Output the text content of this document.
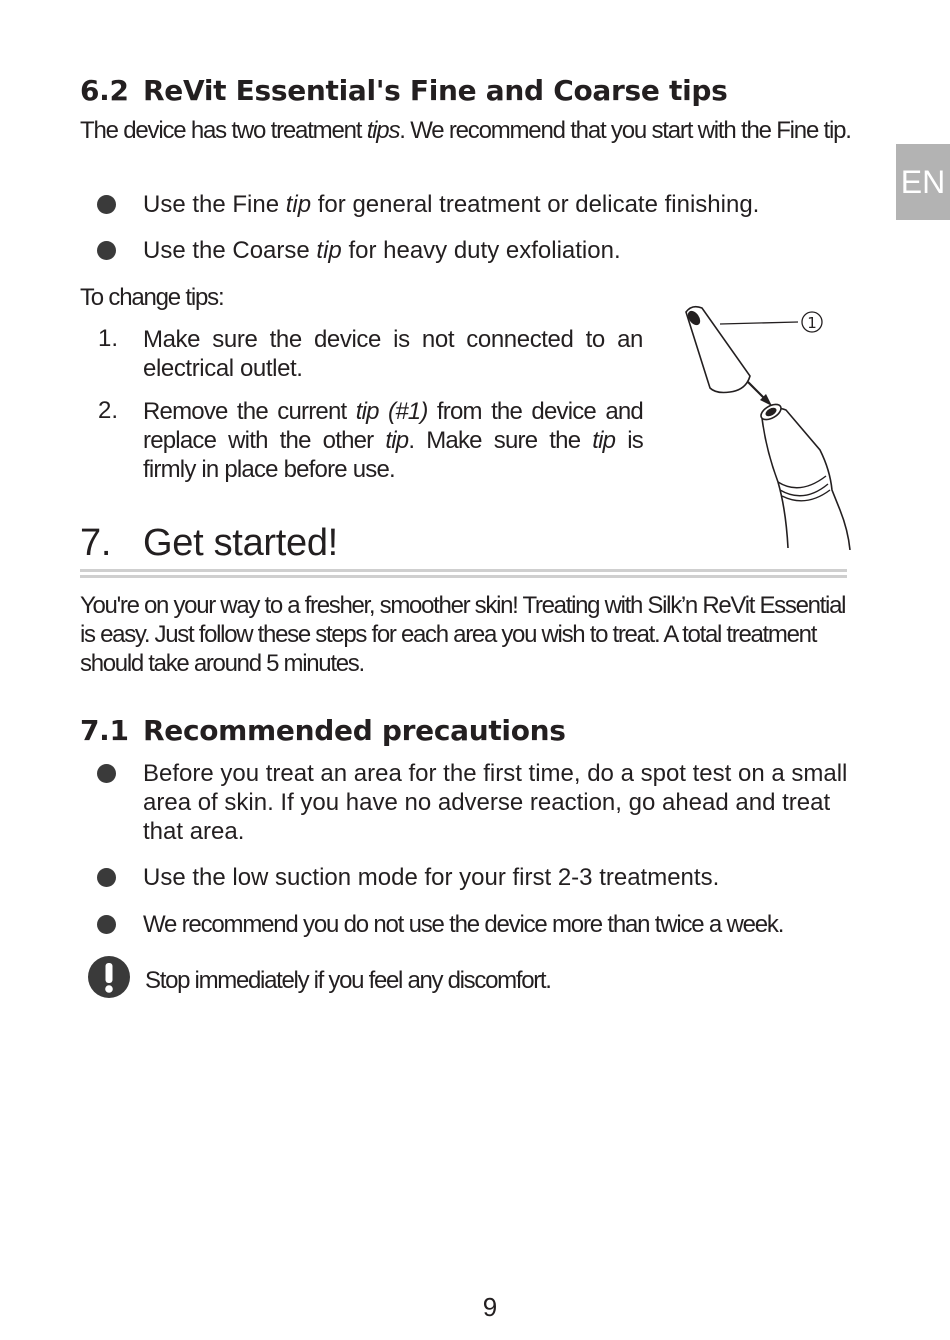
EN
6.2 ReVit Essential's Fine and Coarse tips
The device has two treatment tips. We recommend that you start with the Fine tip.
Use the Fine tip for general treatment or delicate finishing.
Use the Coarse tip for heavy duty exfoliation.
To change tips:
1. Make sure the device is not connected to an electrical outlet.
2. Remove the current tip (#1) from the device and replace with the other tip. Make sure the tip is firmly in place before use.
1
7. Get started!
You're on your way to a fresher, smoother skin! Treating with Silk’n ReVit Essential is easy. Just follow these steps for each area you wish to treat. A total treatment should take around 5 minutes.
7.1 Recommended precautions
Before you treat an area for the first time, do a spot test on a small area of skin. If you have no adverse reaction, go ahead and treat that area.
Use the low suction mode for your first 2-3 treatments.
We recommend you do not use the device more than twice a week.
Stop immediately if you feel any discomfort.
9
